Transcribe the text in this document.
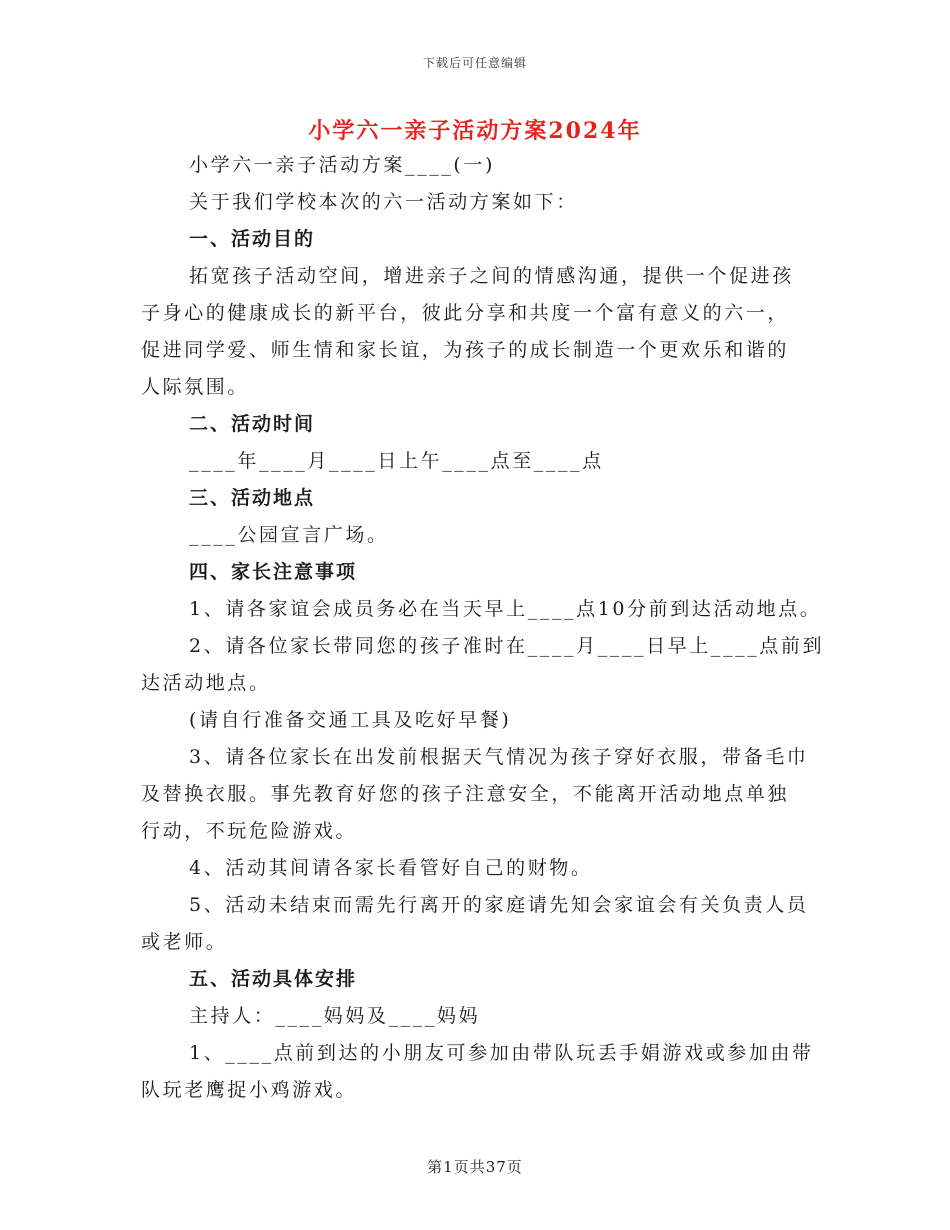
下载后可任意编辑
小学六一亲子活动方案2024年

小学六一亲子活动方案____(一)

关于我们学校本次的六一活动方案如下：

一、活动目的

拓宽孩子活动空间，增进亲子之间的情感沟通，提供一个促进孩

子身心的健康成长的新平台，彼此分享和共度一个富有意义的六一，

促进同学爱、师生情和家长谊，为孩子的成长制造一个更欢乐和谐的

人际氛围。

二、活动时间

____年____月____日上午____点至____点

三、活动地点

____公园宣言广场。

四、家长注意事项

1、请各家谊会成员务必在当天早上____点10分前到达活动地点。

2、请各位家长带同您的孩子准时在____月____日早上____点前到

达活动地点。

(请自行准备交通工具及吃好早餐)

3、请各位家长在出发前根据天气情况为孩子穿好衣服，带备毛巾

及替换衣服。事先教育好您的孩子注意安全，不能离开活动地点单独

行动，不玩危险游戏。

4、活动其间请各家长看管好自己的财物。

5、活动未结束而需先行离开的家庭请先知会家谊会有关负责人员

或老师。

五、活动具体安排

主持人：____妈妈及____妈妈

1、____点前到达的小朋友可参加由带队玩丢手娟游戏或参加由带

队玩老鹰捉小鸡游戏。

第1页共37页
